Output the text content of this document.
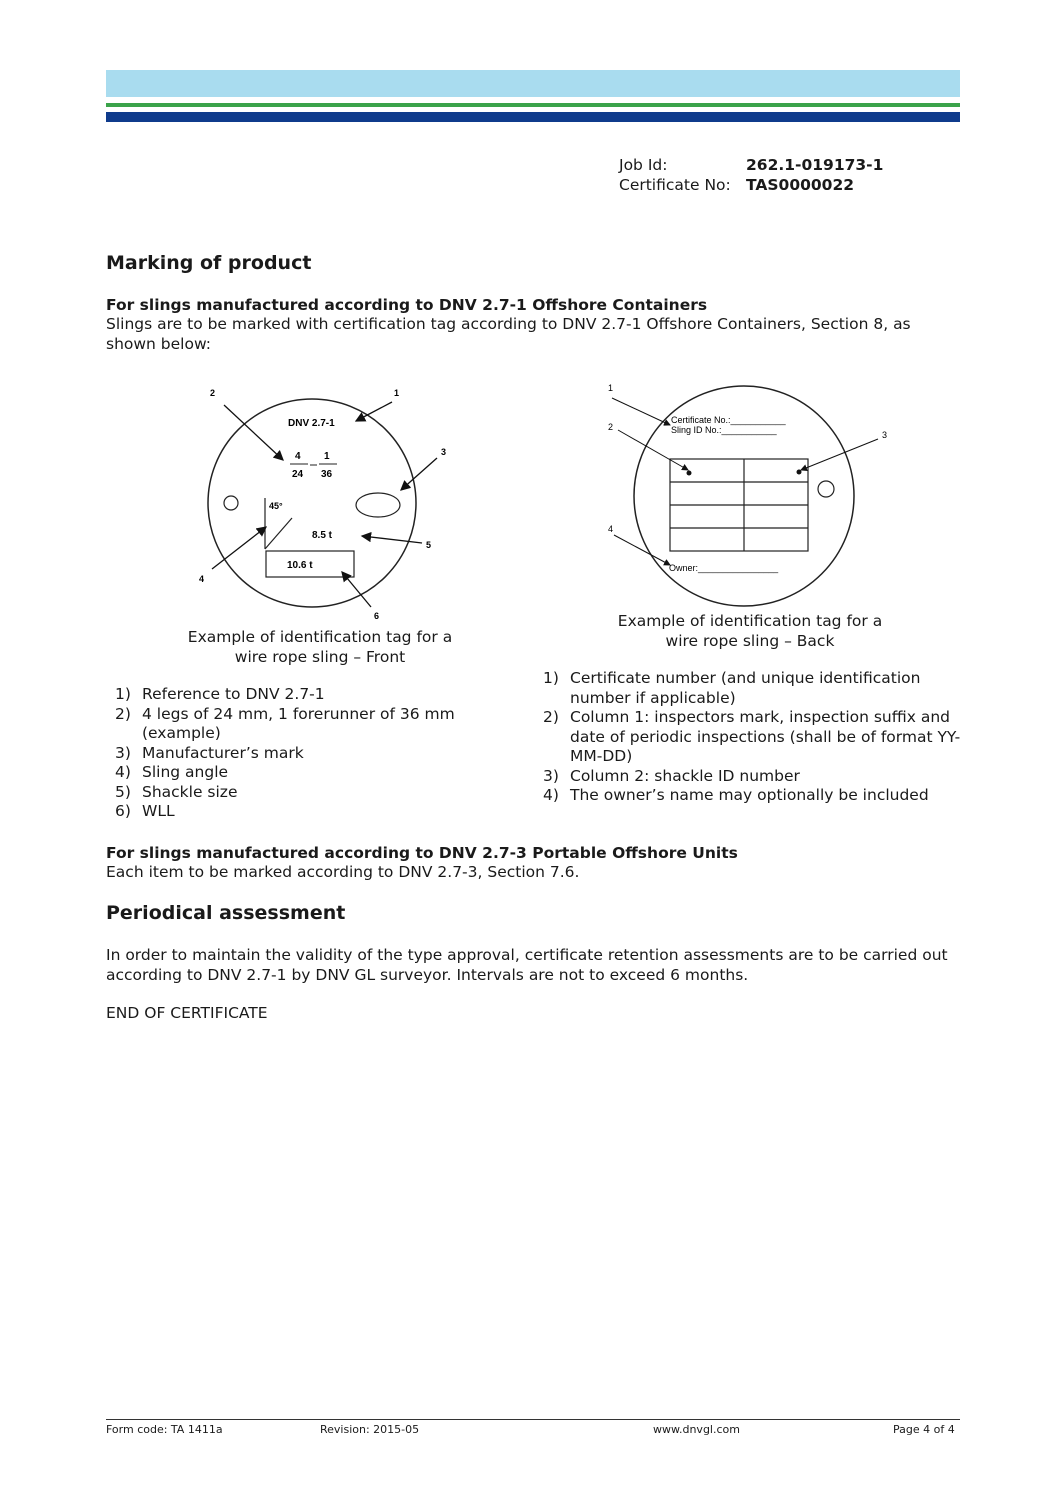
Job Id:	262.1-019173-1
Certificate No: TAS0000022
Marking of product
For slings manufactured according to DNV 2.7-1 Offshore Containers
Slings are to be marked with certification tag according to DNV 2.7-1 Offshore Containers, Section 8, as shown below:
DNV 2.7-1
4
24
1
36
45°
8.5 t
10.6 t
1
2
3
4
5
6
Example of identification tag for a
wire rope sling – Front
1) Reference to DNV 2.7-1
2) 4 legs of 24 mm, 1 forerunner of 36 mm (example)
3) Manufacturer’s mark
4) Sling angle
5) Shackle size
6) WLL
Certificate No.:___________
Sling ID No.:___________
Owner:________________
1
2
3
4
Example of identification tag for a
wire rope sling – Back
1) Certificate number (and unique identification number if applicable)
2) Column 1: inspectors mark, inspection suffix and date of periodic inspections (shall be of format YY-MM-DD)
3) Column 2: shackle ID number
4) The owner’s name may optionally be included
For slings manufactured according to DNV 2.7-3 Portable Offshore Units
Each item to be marked according to DNV 2.7-3, Section 7.6.
Periodical assessment
In order to maintain the validity of the type approval, certificate retention assessments are to be carried out according to DNV 2.7-1 by DNV GL surveyor. Intervals are not to exceed 6 months.
END OF CERTIFICATE
Form code: TA 1411a	Revision: 2015-05	www.dnvgl.com	Page 4 of 4
